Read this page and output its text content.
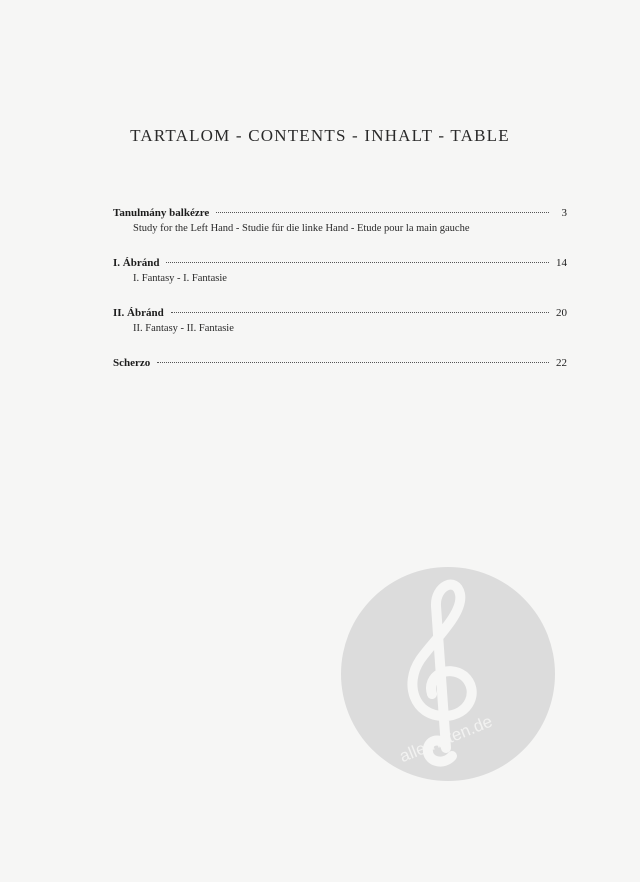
TARTALOM - CONTENTS - INHALT - TABLE
Tanulmány balkézre	3
Study for the Left Hand - Studie für die linke Hand - Etude pour la main gauche
I. Ábránd	14
I. Fantasy - I. Fantasie
II. Ábránd	20
II. Fantasy - II. Fantasie
Scherzo	22
alle-noten.de
